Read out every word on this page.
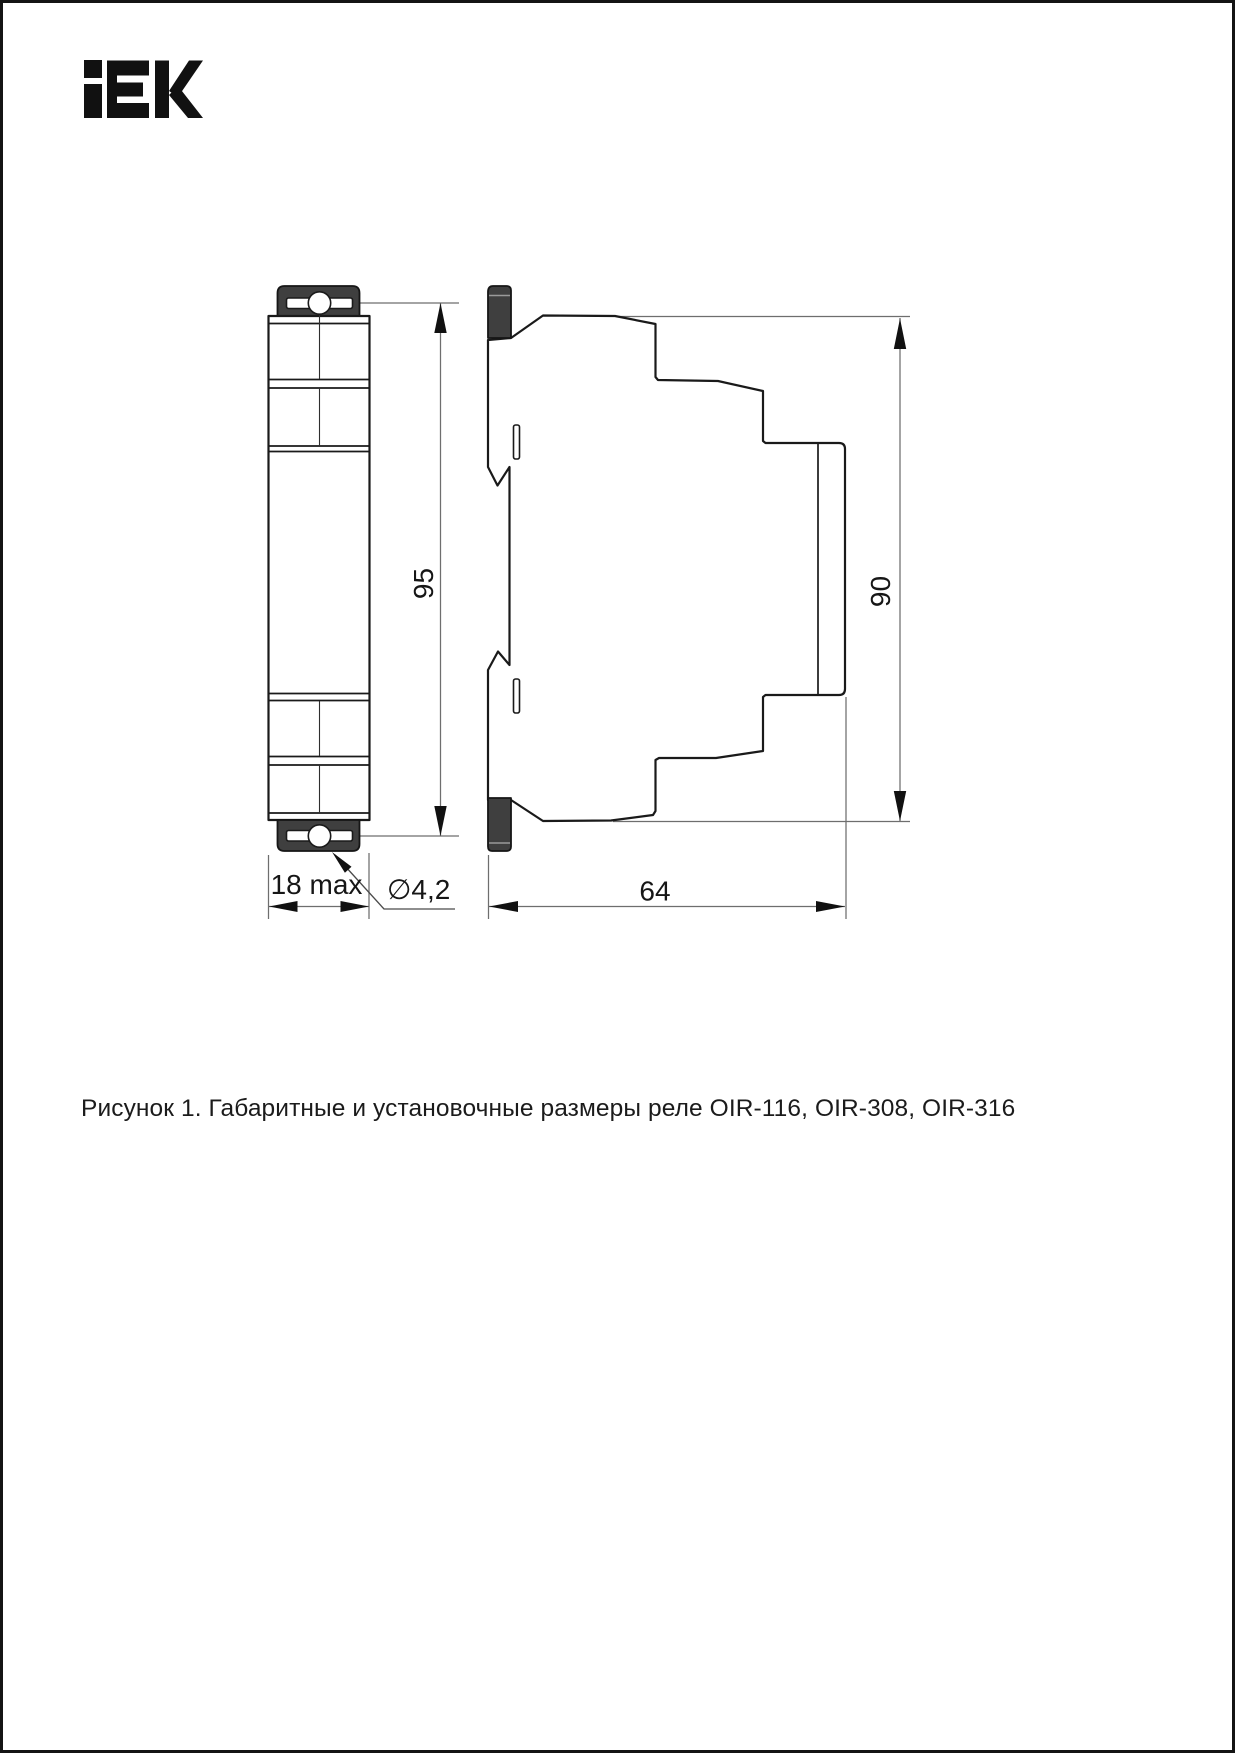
95
18 max ∅4,2
90
64
Рисунок 1. Габаритные и установочные размеры реле OIR-116, OIR-308, OIR-316
